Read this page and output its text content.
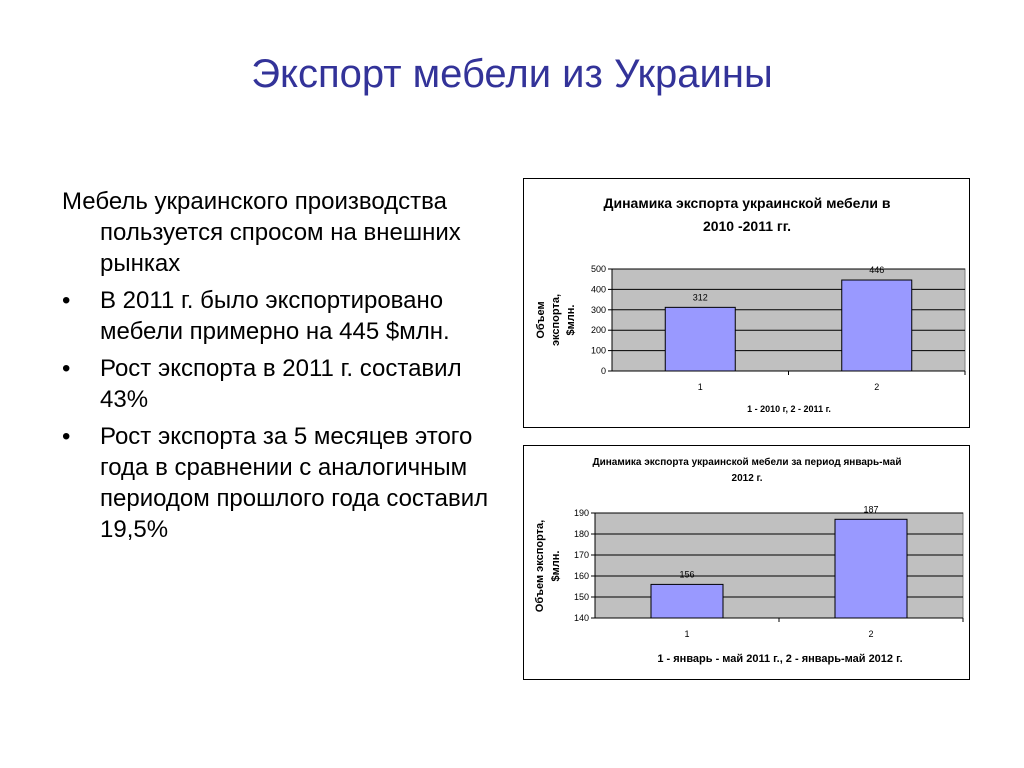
Экспорт мебели из Украины
Мебель украинского производства пользуется спросом на внешних рынках
• В 2011 г. было экспортировано мебели примерно на 445 $млн.
• Рост экспорта в 2011 г. составил 43%
• Рост экспорта за 5 месяцев этого года в сравнении с аналогичным периодом прошлого года составил 19,5%
Динамика экспорта украинской мебели в
2010 -2011 гг.
Объем экспорта, $млн.
0
100
200
300
400
500
312
1
446
2
1 - 2010 г, 2 - 2011 г.
Динамика экспорта украинской мебели за период январь-май
2012 г.
Объем экспорта, $млн.
140
150
160
170
180
190
156
1
187
2
1 - январь - май 2011 г., 2 - январь-май 2012 г.
